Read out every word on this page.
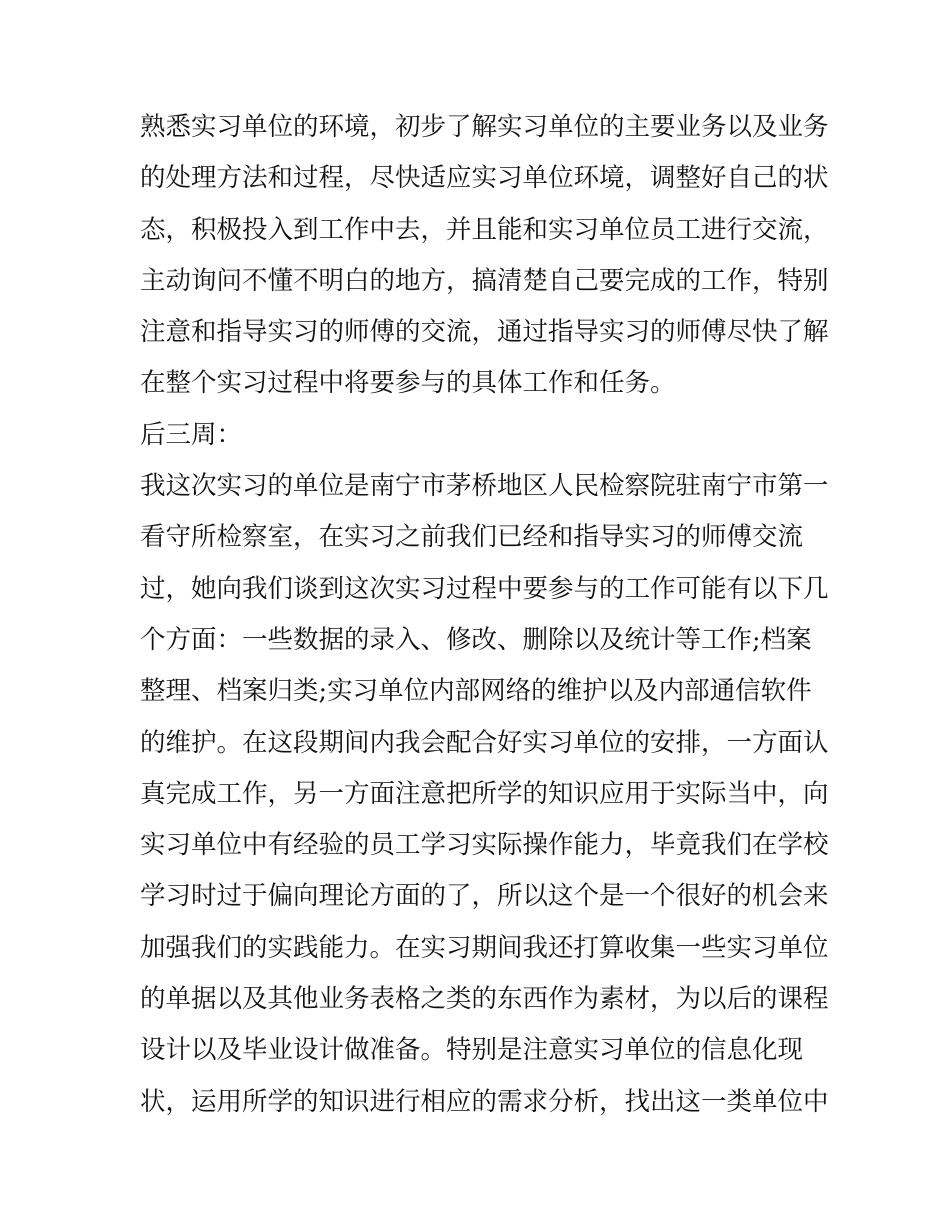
熟悉实习单位的环境，初步了解实习单位的主要业务以及业务
的处理方法和过程，尽快适应实习单位环境，调整好自己的状
态，积极投入到工作中去，并且能和实习单位员工进行交流，
主动询问不懂不明白的地方，搞清楚自己要完成的工作，特别
注意和指导实习的师傅的交流，通过指导实习的师傅尽快了解
在整个实习过程中将要参与的具体工作和任务。
后三周：
我这次实习的单位是南宁市茅桥地区人民检察院驻南宁市第一
看守所检察室，在实习之前我们已经和指导实习的师傅交流
过，她向我们谈到这次实习过程中要参与的工作可能有以下几
个方面：一些数据的录入、修改、删除以及统计等工作;档案
整理、档案归类;实习单位内部网络的维护以及内部通信软件
的维护。在这段期间内我会配合好实习单位的安排，一方面认
真完成工作，另一方面注意把所学的知识应用于实际当中，向
实习单位中有经验的员工学习实际操作能力，毕竟我们在学校
学习时过于偏向理论方面的了，所以这个是一个很好的机会来
加强我们的实践能力。在实习期间我还打算收集一些实习单位
的单据以及其他业务表格之类的东西作为素材，为以后的课程
设计以及毕业设计做准备。特别是注意实习单位的信息化现
状，运用所学的知识进行相应的需求分析，找出这一类单位中
